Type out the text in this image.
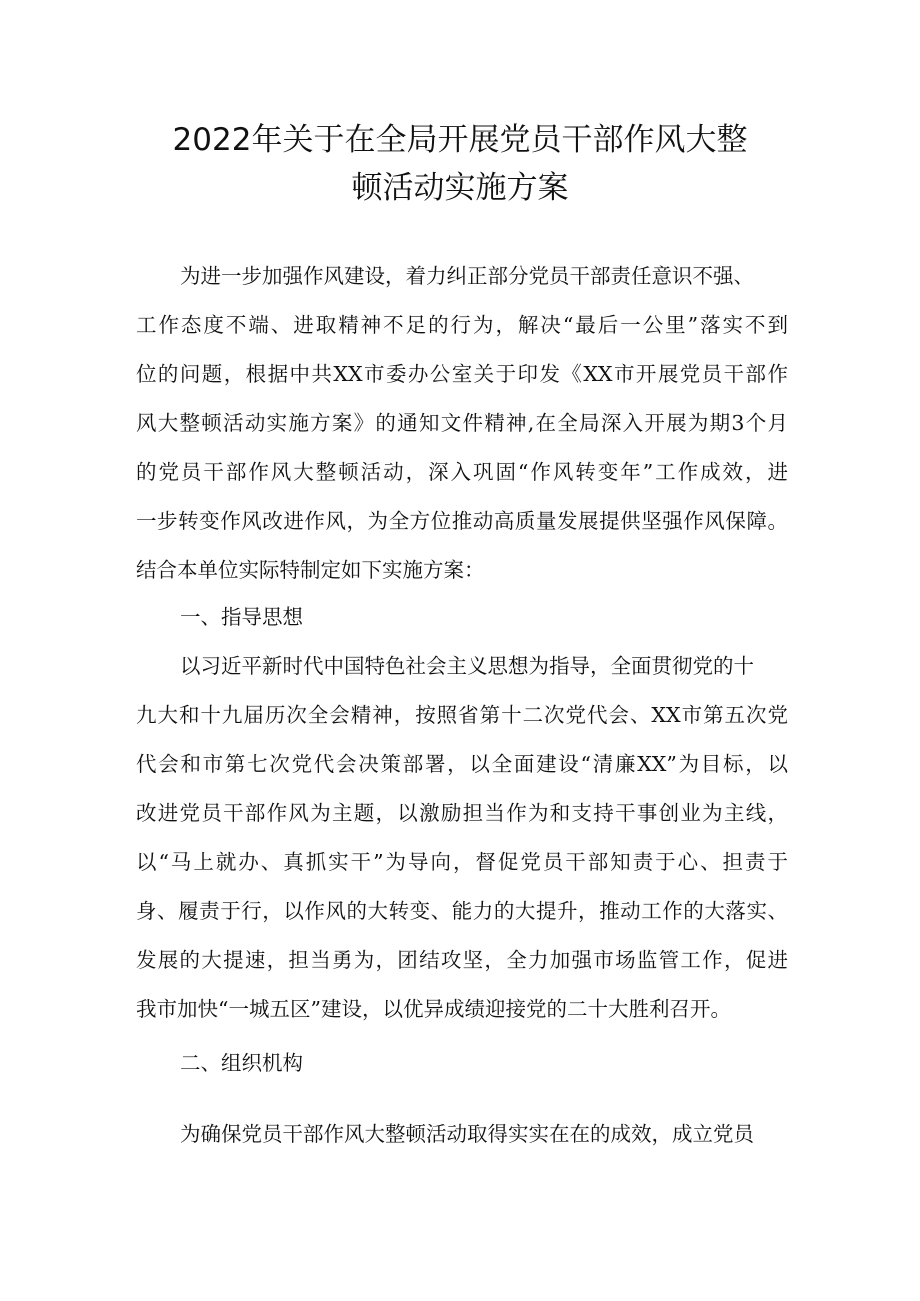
2022年关于在全局开展党员干部作风大整
顿活动实施方案
为进一步加强作风建设，着力纠正部分党员干部责任意识不强、
工作态度不端、进取精神不足的行为，解决“最后一公里”落实不到
位的问题，根据中共XX市委办公室关于印发《XX市开展党员干部作
风大整顿活动实施方案》的通知文件精神,在全局深入开展为期3个月
的党员干部作风大整顿活动，深入巩固“作风转变年”工作成效，进
一步转变作风改进作风，为全方位推动高质量发展提供坚强作风保障。
结合本单位实际特制定如下实施方案：
一、指导思想
以习近平新时代中国特色社会主义思想为指导，全面贯彻党的十
九大和十九届历次全会精神，按照省第十二次党代会、XX市第五次党
代会和市第七次党代会决策部署，以全面建设“清廉XX”为目标，以
改进党员干部作风为主题，以激励担当作为和支持干事创业为主线，
以“马上就办、真抓实干”为导向，督促党员干部知责于心、担责于
身、履责于行，以作风的大转变、能力的大提升，推动工作的大落实、
发展的大提速，担当勇为，团结攻坚，全力加强市场监管工作，促进
我市加快“一城五区”建设，以优异成绩迎接党的二十大胜利召开。
二、组织机构
为确保党员干部作风大整顿活动取得实实在在的成效，成立党员
